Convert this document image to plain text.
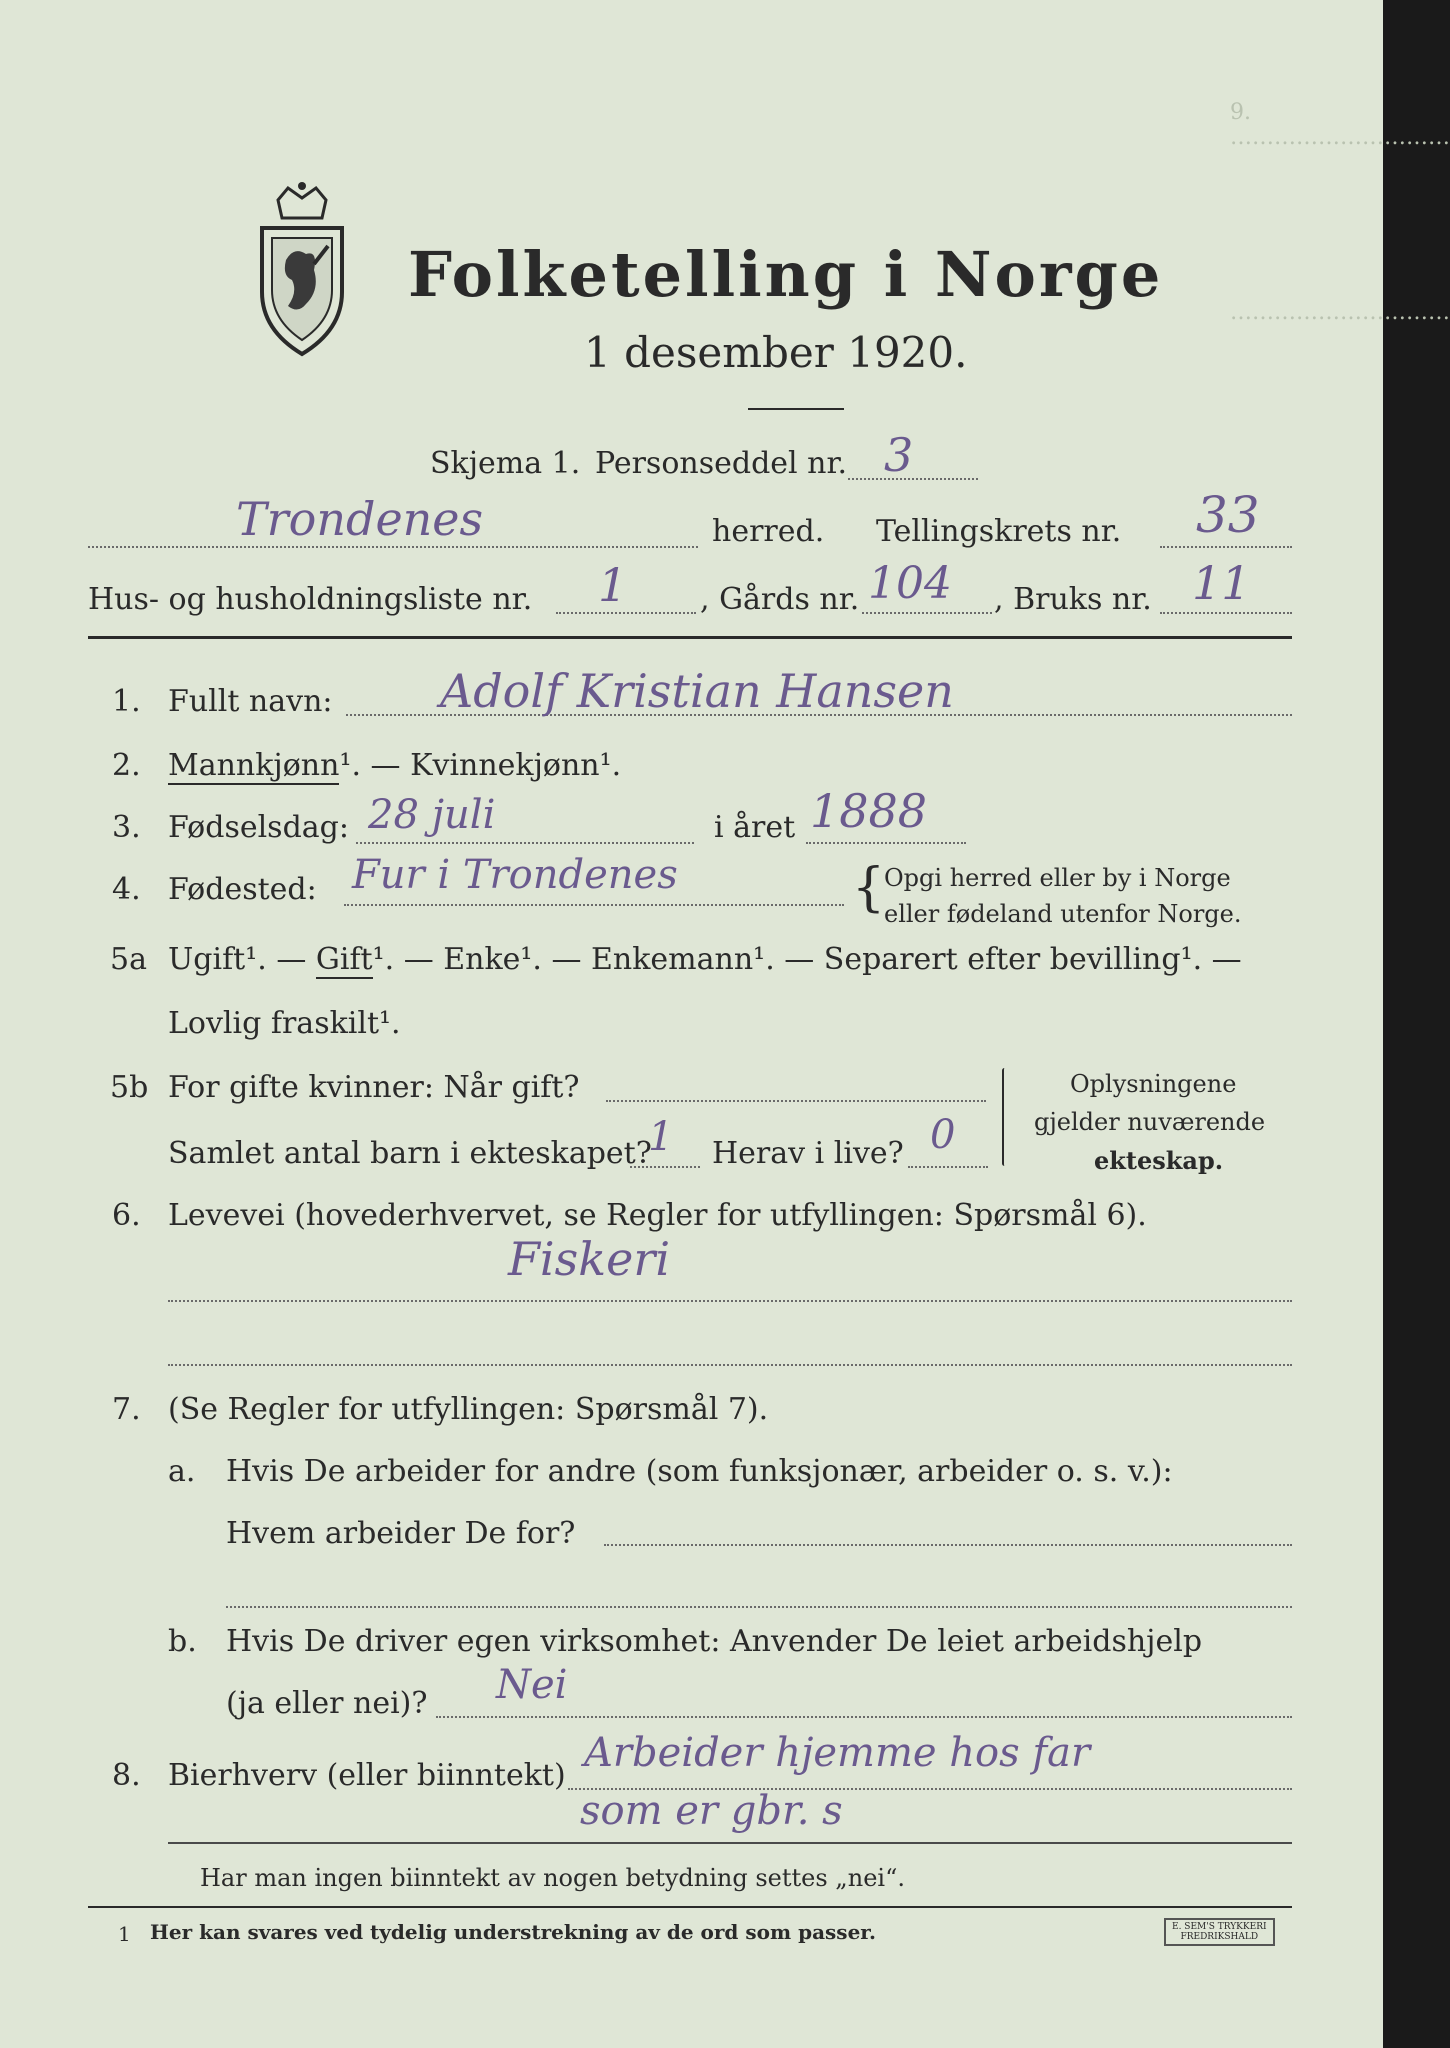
9. …………………………
…………………………
Folketelling i Norge
1 desember 1920.
Skjema 1. Personseddel nr. 3
Trondenes	herred. Tellingskrets nr. 33
Hus- og husholdningsliste nr. 1 , Gårds nr. 104 , Bruks nr. 11
1. Fullt navn: Adolf Kristian Hansen
2. Mannkjønn¹. — Kvinnekjønn¹.
3. Fødselsdag: 28 juli	i året 1888
4. Fødested: Fur i Trondenes	{
Opgi herred eller by i Norge
eller fødeland utenfor Norge.
5a Ugift¹. — Gift¹. — Enke¹. — Enkemann¹. — Separert efter bevilling¹. —
Lovlig fraskilt¹.
5b For gifte kvinner: Når gift?
Samlet antal barn i ekteskapet?
1 Herav i live? 0
Oplysningene
gjelder nuværende
ekteskap.
6. Levevei (hovederhvervet, se Regler for utfyllingen: Spørsmål 6).
Fiskeri
7. (Se Regler for utfyllingen: Spørsmål 7).
a. Hvis De arbeider for andre (som funksjonær, arbeider o. s. v.):
Hvem arbeider De for?
b. Hvis De driver egen virksomhet: Anvender De leiet arbeidshjelp
(ja eller nei)? Nei
8. Bierhverv (eller biinntekt) Arbeider hjemme hos far
som er gbr. s
Har man ingen biinntekt av nogen betydning settes „nei“.
1 Her kan svares ved tydelig understrekning av de ord som passer.	E. SEM'S TRYKKERI
FREDRIKSHALD
